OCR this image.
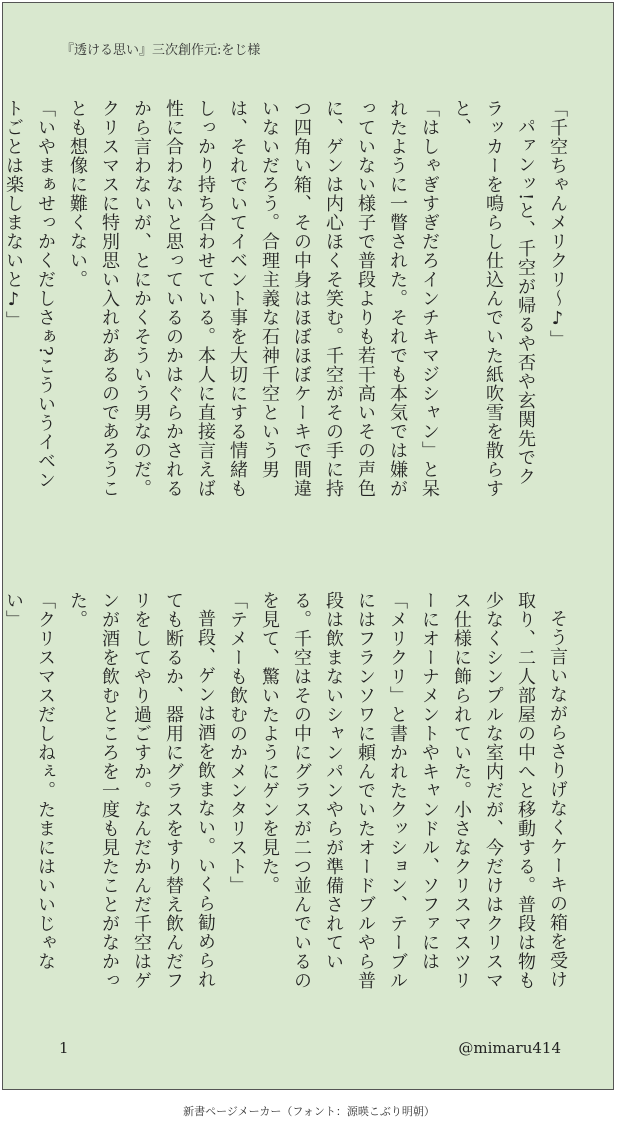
『透ける思い』三次創作元:をじ様

「千空ちゃんメリクリ〜♪」

パァンッ!と、千空が帰るや否や玄関先でクラッカーを鳴らし仕込んでいた紙吹雪を散らすと、

「はしゃぎすぎだろインチキマジシャン」と呆れたように一瞥された。それでも本気では嫌がっていない様子で普段よりも若干高いその声色に、ゲンは内心ほくそ笑む。千空がその手に持つ四角い箱、その中身はほぼほぼケーキで間違いないだろう。合理主義な石神千空という男は、それでいてイベント事を大切にする情緒もしっかり持ち合わせている。本人に直接言えば性に合わないと思っているのかはぐらかされるから言わないが、とにかくそういう男なのだ。クリスマスに特別思い入れがあるのであろうことも想像に難くない。

「いやまぁせっかくだしさぁ?こういうイベントごとは楽しまないと♪」

そう言いながらさりげなくケーキの箱を受け取り、二人部屋の中へと移動する。普段は物も少なくシンプルな室内だが、今だけはクリスマス仕様に飾られていた。小さなクリスマスツリーにオーナメントやキャンドル、ソファには「メリクリ」と書かれたクッション、テーブルにはフランソワに頼んでいたオードブルやら普段は飲まないシャンパンやらが準備されている。千空はその中にグラスが二つ並んでいるのを見て、驚いたようにゲンを見た。

「テメーも飲むのかメンタリスト」

普段、ゲンは酒を飲まない。いくら勧められても断るか、器用にグラスをすり替え飲んだフリをしてやり過ごすか。なんだかんだ千空はゲンが酒を飲むところを一度も見たことがなかった。

「クリスマスだしねぇ。たまにはいいじゃない」

1	@mimaru414
新書ページメーカー（フォント：源暎こぶり明朝）
